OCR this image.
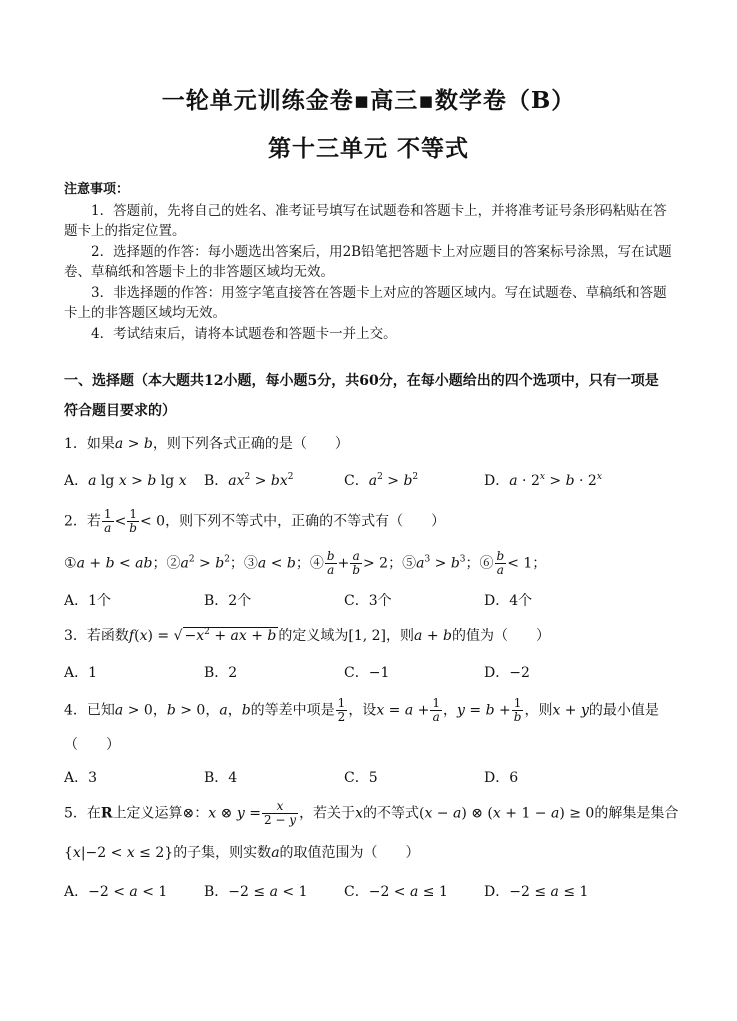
一轮单元训练金卷▪高三▪数学卷（B）
第十三单元 不等式
注意事项：

1．答题前，先将自己的姓名、准考证号填写在试题卷和答题卡上，并将准考证号条形码粘贴在答题卡上的指定位置。

2．选择题的作答：每小题选出答案后，用2B铅笔把答题卡上对应题目的答案标号涂黑，写在试题卷、草稿纸和答题卡上的非答题区域均无效。

3．非选择题的作答：用签字笔直接答在答题卡上对应的答题区域内。写在试题卷、草稿纸和答题卡上的非答题区域均无效。

4．考试结束后，请将本试题卷和答题卡一并上交。

一、选择题（本大题共12小题，每小题5分，共60分，在每小题给出的四个选项中，只有一项是
符合题目要求的）
1．如果a > b，则下列各式正确的是（　　）
A．a lg x > b lg x B．$ax^2 > bx^2$	C．$a^2 > b^2$	D．$a \cdot 2^x > b \cdot 2^x$
2．若 $\frac{1}{a} < \frac{1}{b} < 0$，则下列不等式中，正确的不等式有（　　）
①a + b < ab；$②a^2 > b^2$；③a < b；④ $\frac{b}{a} + \frac{a}{b} > 2$；$⑤a^3 > b^3$；⑥ $\frac{b}{a} < 1$；
A．1个	B．2个	C．3个	D．4个
3．若函数f(x) = √ $-x^2$ + ax + b 的定义域为[1, 2]，则a + b的值为（　　）
A．1	B．2	C．−1	D．−2
4．已知a > 0，b > 0，a，b的等差中项是 $\frac{1}{2}$ ，设$x = a + \frac{1}{a}$ ，$y = b + \frac{1}{b}$ ，则x + y的最小值是
（　　）
A．3	B．4	C．5	D．6
5．在R上定义运算⊗：x ⊗ $y = \frac{x}{2 - y}$ ，若关于x的不等式(x − a) ⊗ (x + 1 − a) ≥ 0的解集是集合
{x|−2 < x ≤ 2}的子集，则实数a的取值范围为（　　）
A．−2 < a < 1	B．−2 ≤ a < 1	C．−2 < a ≤ 1	D．−2 ≤ a ≤ 1
